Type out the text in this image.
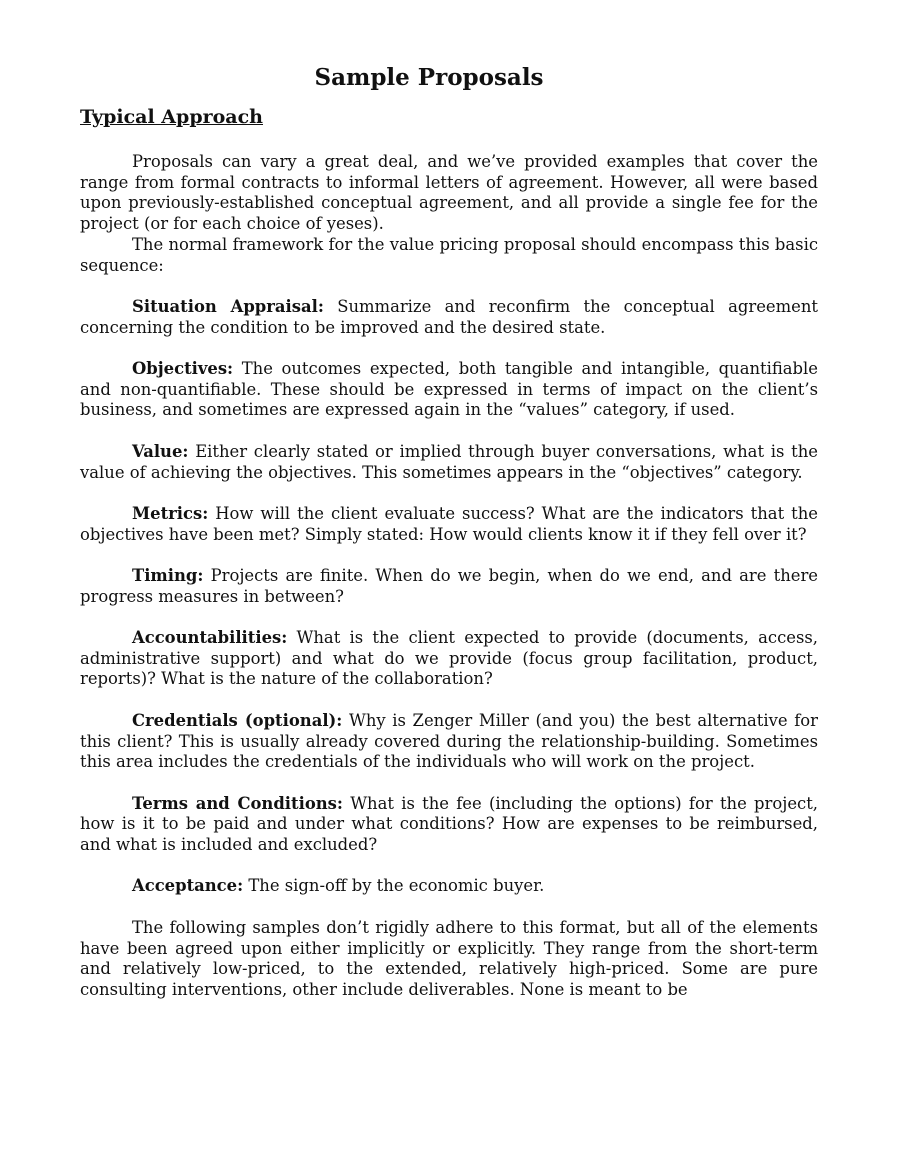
Sample Proposals
Typical Approach

Proposals can vary a great deal, and we’ve provided examples that cover the range from formal contracts to informal letters of agreement. However, all were based upon previously-established conceptual agreement, and all provide a single fee for the project (or for each choice of yeses).

The normal framework for the value pricing proposal should encompass this basic sequence:

Situation Appraisal: Summarize and reconfirm the conceptual agreement concerning the condition to be improved and the desired state.

Objectives: The outcomes expected, both tangible and intangible, quantifiable and non-quantifiable. These should be expressed in terms of impact on the client’s business, and sometimes are expressed again in the “values” category, if used.

Value: Either clearly stated or implied through buyer conversations, what is the value of achieving the objectives. This sometimes appears in the “objectives” category.

Metrics: How will the client evaluate success? What are the indicators that the objectives have been met? Simply stated: How would clients know it if they fell over it?

Timing: Projects are finite. When do we begin, when do we end, and are there progress measures in between?

Accountabilities: What is the client expected to provide (documents, access, administrative support) and what do we provide (focus group facilitation, product, reports)? What is the nature of the collaboration?

Credentials (optional): Why is Zenger Miller (and you) the best alternative for this client? This is usually already covered during the relationship-building. Sometimes this area includes the credentials of the individuals who will work on the project.

Terms and Conditions: What is the fee (including the options) for the project, how is it to be paid and under what conditions? How are expenses to be reimbursed, and what is included and excluded?

Acceptance: The sign-off by the economic buyer.

The following samples don’t rigidly adhere to this format, but all of the elements have been agreed upon either implicitly or explicitly. They range from the short-term and relatively low-priced, to the extended, relatively high-priced. Some are pure consulting interventions, other include deliverables. None is meant to be
